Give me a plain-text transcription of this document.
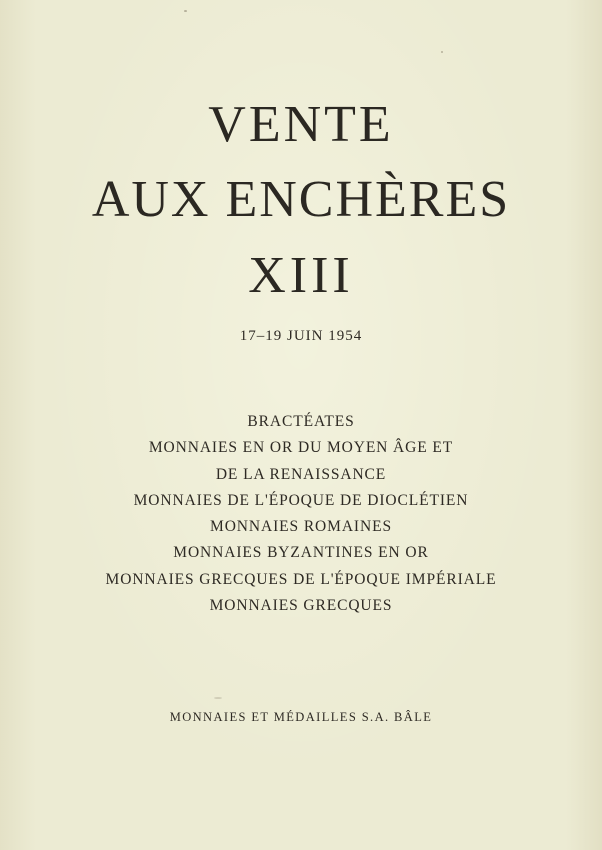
VENTE
AUX ENCHÈRES
XIII
17–19 JUIN 1954
BRACTÉATES
MONNAIES EN OR DU MOYEN ÂGE ET
DE LA RENAISSANCE
MONNAIES DE L'ÉPOQUE DE DIOCLÉTIEN
MONNAIES ROMAINES
MONNAIES BYZANTINES EN OR
MONNAIES GRECQUES DE L'ÉPOQUE IMPÉRIALE
MONNAIES GRECQUES
MONNAIES ET MÉDAILLES S.A. BÂLE
